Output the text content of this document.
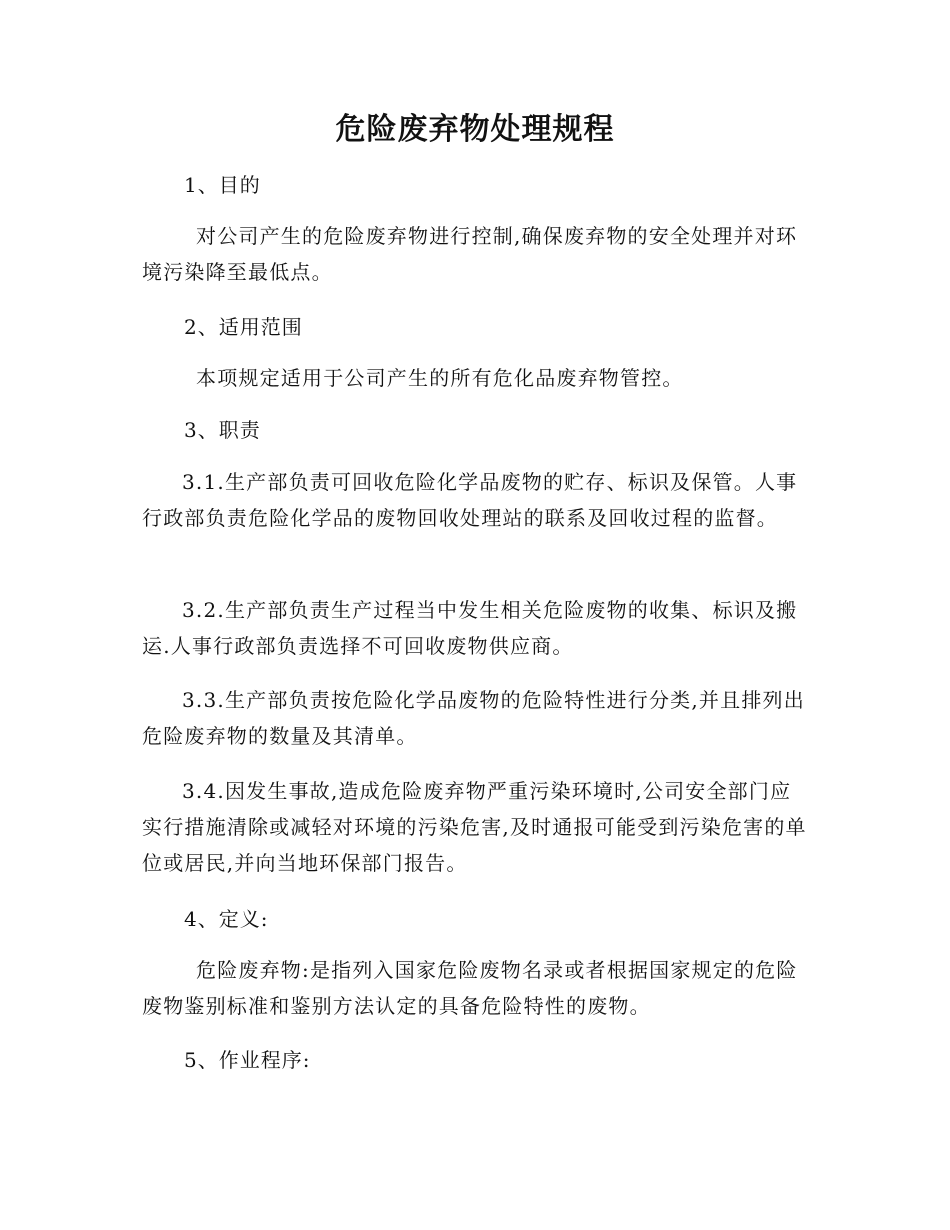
危险废弃物处理规程
1、目的
对公司产生的危险废弃物进行控制,确保废弃物的安全处理并对环境污染降至最低点。
2、适用范围
本项规定适用于公司产生的所有危化品废弃物管控。
3、职责
3.1.生产部负责可回收危险化学品废物的贮存、标识及保管。人事行政部负责危险化学品的废物回收处理站的联系及回收过程的监督。
3.2.生产部负责生产过程当中发生相关危险废物的收集、标识及搬运.人事行政部负责选择不可回收废物供应商。
3.3.生产部负责按危险化学品废物的危险特性进行分类,并且排列出危险废弃物的数量及其清单。
3.4.因发生事故,造成危险废弃物严重污染环境时,公司安全部门应实行措施清除或减轻对环境的污染危害,及时通报可能受到污染危害的单位或居民,并向当地环保部门报告。
4、定义:
危险废弃物:是指列入国家危险废物名录或者根据国家规定的危险废物鉴别标准和鉴别方法认定的具备危险特性的废物。
5、作业程序:
